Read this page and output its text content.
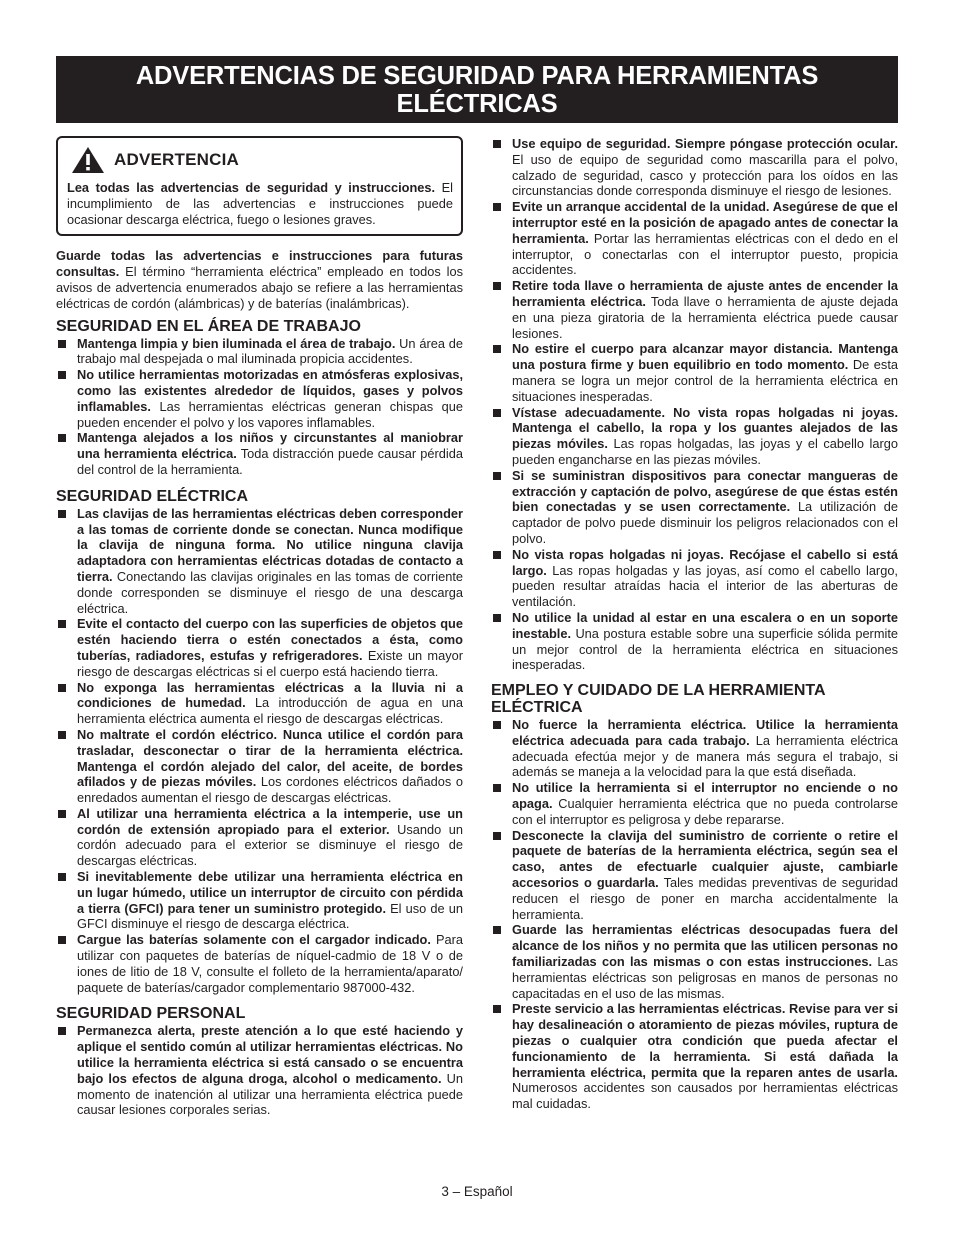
ADVERTENCIAS DE SEGURIDAD PARA HERRAMIENTAS ELÉCTRICAS
ADVERTENCIA

Lea todas las advertencias de seguridad y instrucciones. El incumplimiento de las advertencias e instrucciones puede ocasionar descarga eléctrica, fuego o lesiones graves.

Guarde todas las advertencias e instrucciones para futuras consultas. El término “herramienta eléctrica” empleado en todos los avisos de advertencia enumerados abajo se refiere a las herramientas eléctricas de cordón (alámbricas) y de baterías (inalámbricas).

SEGURIDAD EN EL ÁREA DE TRABAJO
Mantenga limpia y bien iluminada el área de trabajo. Un área de trabajo mal despejada o mal iluminada propicia accidentes.
No utilice herramientas motorizadas en atmósferas explosivas, como las existentes alrededor de líquidos, gases y polvos inflamables. Las herramientas eléctricas generan chispas que pueden encender el polvo y los vapores inflamables.
Mantenga alejados a los niños y circunstantes al maniobrar una herramienta eléctrica. Toda distracción puede causar pérdida del control de la herramienta.
SEGURIDAD ELÉCTRICA
Las clavijas de las herramientas eléctricas deben corresponder a las tomas de corriente donde se conectan. Nunca modifique la clavija de ninguna forma. No utilice ninguna clavija adaptadora con herramientas eléctricas dotadas de contacto a tierra. Conectando las clavijas originales en las tomas de corriente donde corresponden se disminuye el riesgo de una descarga eléctrica.
Evite el contacto del cuerpo con las superficies de objetos que estén haciendo tierra o estén conectados a ésta, como tuberías, radiadores, estufas y refrigeradores. Existe un mayor riesgo de descargas eléctricas si el cuerpo está haciendo tierra.
No exponga las herramientas eléctricas a la lluvia ni a condiciones de humedad. La introducción de agua en una herramienta eléctrica aumenta el riesgo de descargas eléctricas.
No maltrate el cordón eléctrico. Nunca utilice el cordón para trasladar, desconectar o tirar de la herramienta eléctrica. Mantenga el cordón alejado del calor, del aceite, de bordes afilados y de piezas móviles. Los cordones eléctricos dañados o enredados aumentan el riesgo de descargas eléctricas.
Al utilizar una herramienta eléctrica a la intemperie, use un cordón de extensión apropiado para el exterior. Usando un cordón adecuado para el exterior se disminuye el riesgo de descargas eléctricas.
Si inevitablemente debe utilizar una herramienta eléctrica en un lugar húmedo, utilice un interruptor de circuito con pérdida a tierra (GFCI) para tener un suministro protegido. El uso de un GFCI disminuye el riesgo de descarga eléctrica.
Cargue las baterías solamente con el cargador indicado. Para utilizar con paquetes de baterías de níquel-cadmio de 18 V o de iones de litio de 18 V, consulte el folleto de la herramienta/aparato/ paquete de baterías/cargador complementario 987000-432.
SEGURIDAD PERSONAL
Permanezca alerta, preste atención a lo que esté haciendo y aplique el sentido común al utilizar herramientas eléctricas. No utilice la herramienta eléctrica si está cansado o se encuentra bajo los efectos de alguna droga, alcohol o medicamento. Un momento de inatención al utilizar una herramienta eléctrica puede causar lesiones corporales serias.
Use equipo de seguridad. Siempre póngase protección ocular. El uso de equipo de seguridad como mascarilla para el polvo, calzado de seguridad, casco y protección para los oídos en las circunstancias donde corresponda disminuye el riesgo de lesiones.
Evite un arranque accidental de la unidad. Asegúrese de que el interruptor esté en la posición de apagado antes de conectar la herramienta. Portar las herramientas eléctricas con el dedo en el interruptor, o conectarlas con el interruptor puesto, propicia accidentes.
Retire toda llave o herramienta de ajuste antes de encender la herramienta eléctrica. Toda llave o herramienta de ajuste dejada en una pieza giratoria de la herramienta eléctrica puede causar lesiones.
No estire el cuerpo para alcanzar mayor distancia. Mantenga una postura firme y buen equilibrio en todo momento. De esta manera se logra un mejor control de la herramienta eléctrica en situaciones inesperadas.
Vístase adecuadamente. No vista ropas holgadas ni joyas. Mantenga el cabello, la ropa y los guantes alejados de las piezas móviles. Las ropas holgadas, las joyas y el cabello largo pueden engancharse en las piezas móviles.
Si se suministran dispositivos para conectar mangueras de extracción y captación de polvo, asegúrese de que éstas estén bien conectadas y se usen correctamente. La utilización de captador de polvo puede disminuir los peligros relacionados con el polvo.
No vista ropas holgadas ni joyas. Recójase el cabello si está largo. Las ropas holgadas y las joyas, así como el cabello largo, pueden resultar atraídas hacia el interior de las aberturas de ventilación.
No utilice la unidad al estar en una escalera o en un soporte inestable. Una postura estable sobre una superficie sólida permite un mejor control de la herramienta eléctrica en situaciones inesperadas.
EMPLEO Y CUIDADO DE LA HERRAMIENTA ELÉCTRICA
No fuerce la herramienta eléctrica. Utilice la herramienta eléctrica adecuada para cada trabajo. La herramienta eléctrica adecuada efectúa mejor y de manera más segura el trabajo, si además se maneja a la velocidad para la que está diseñada.
No utilice la herramienta si el interruptor no enciende o no apaga. Cualquier herramienta eléctrica que no pueda controlarse con el interruptor es peligrosa y debe repararse.
Desconecte la clavija del suministro de corriente o retire el paquete de baterías de la herramienta eléctrica, según sea el caso, antes de efectuarle cualquier ajuste, cambiarle accesorios o guardarla. Tales medidas preventivas de seguridad reducen el riesgo de poner en marcha accidentalmente la herramienta.
Guarde las herramientas eléctricas desocupadas fuera del alcance de los niños y no permita que las utilicen personas no familiarizadas con las mismas o con estas instrucciones. Las herramientas eléctricas son peligrosas en manos de personas no capacitadas en el uso de las mismas.
Preste servicio a las herramientas eléctricas. Revise para ver si hay desalineación o atoramiento de piezas móviles, ruptura de piezas o cualquier otra condición que pueda afectar el funcionamiento de la herramienta. Si está dañada la herramienta eléctrica, permita que la reparen antes de usarla. Numerosos accidentes son causados por herramientas eléctricas mal cuidadas.
3 – Español
